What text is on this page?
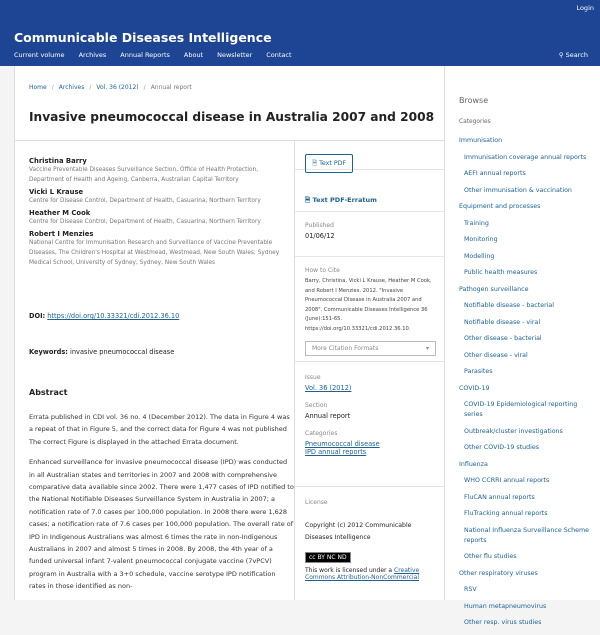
Login
Communicable Diseases Intelligence
Current volume Archives Annual Reports About Newsletter Contact	⚲ Search
Home / Archives / Vol. 36 (2012) / Annual report
Invasive pneumococcal disease in Australia 2007 and 2008
Christina Barry
Vaccine Preventable Diseases Surveillance Section, Office of Health Protection, Department of Health and Ageing, Canberra, Australian Capital Territory
Vicki L Krause
Centre for Disease Control, Department of Health, Casuarina, Northern Territory
Heather M Cook
Centre for Disease Control, Department of Health, Casuarina, Northern Territory
Robert I Menzies
National Centre for Immunisation Research and Surveillance of Vaccine Preventable Diseases, The Children's Hospital at Westmead, Westmead, New South Wales; Sydney Medical School, University of Sydney, Sydney, New South Wales
DOI: https://doi.org/10.33321/cdi.2012.36.10
Keywords: invasive pneumococcal disease
Abstract

Errata published in CDI vol. 36 no. 4 (December 2012). The data in Figure 4 was a repeat of that in Figure 5, and the correct data for Figure 4 was not published The correct Figure is displayed in the attached Errata document.

Enhanced surveillance for invasive pneumococcal disease (IPD) was conducted in all Australian states and territories in 2007 and 2008 with comprehensive comparative data available since 2002. There were 1,477 cases of IPD notified to the National Notifiable Diseases Surveillance System in Australia in 2007; a notification rate of 7.0 cases per 100,000 population. In 2008 there were 1,628 cases; a notification rate of 7.6 cases per 100,000 population. The overall rate of IPD in Indigenous Australians was almost 6 times the rate in non-Indigenous Australians in 2007 and almost 5 times in 2008. By 2008, the 4th year of a funded universal infant 7-valent pneumococcal conjugate vaccine (7vPCV) program in Australia with a 3+0 schedule, vaccine serotype IPD notification rates in those identified as non-

🗎 Text PDF
🗎 Text PDF-Erratum
Published
01/06/12
How to Cite
Barry, Christina, Vicki L Krause, Heather M Cook, and Robert I Menzies. 2012. "Invasive Pneumococcal Disease in Australia 2007 and 2008". Communicable Diseases Intelligence 36 (June):151-65. https://doi.org/10.33321/cdi.2012.36.10.
More Citation Formats	▾
Issue
Vol. 36 (2012)
Section
Annual report
Categories
Pneumococcal disease
IPD annual reports
License
Copyright (c) 2012 Communicable Diseases Intelligence
cc BY NC ND
This work is licensed under a Creative Commons Attribution-NonCommercial
Browse
Categories
Immunisation
Immunisation coverage annual reports
AEFI annual reports
Other immunisation & vaccination
Equipment and processes
Training
Monitoring
Modelling
Public health measures
Pathogen surveillance
Notifiable disease - bacterial
Notifiable disease - viral
Other disease - bacterial
Other disease - viral
Parasites
COVID-19
COVID-19 Epidemiological reporting series
Outbreak/cluster investigations
Other COVID-19 studies
Influenza
WHO CCRRI annual reports
FluCAN annual reports
FluTracking annual reports
National Influenza Surveillance Scheme reports
Other flu studies
Other respiratory viruses
RSV
Human metapneumovirus
Other resp. virus studies
